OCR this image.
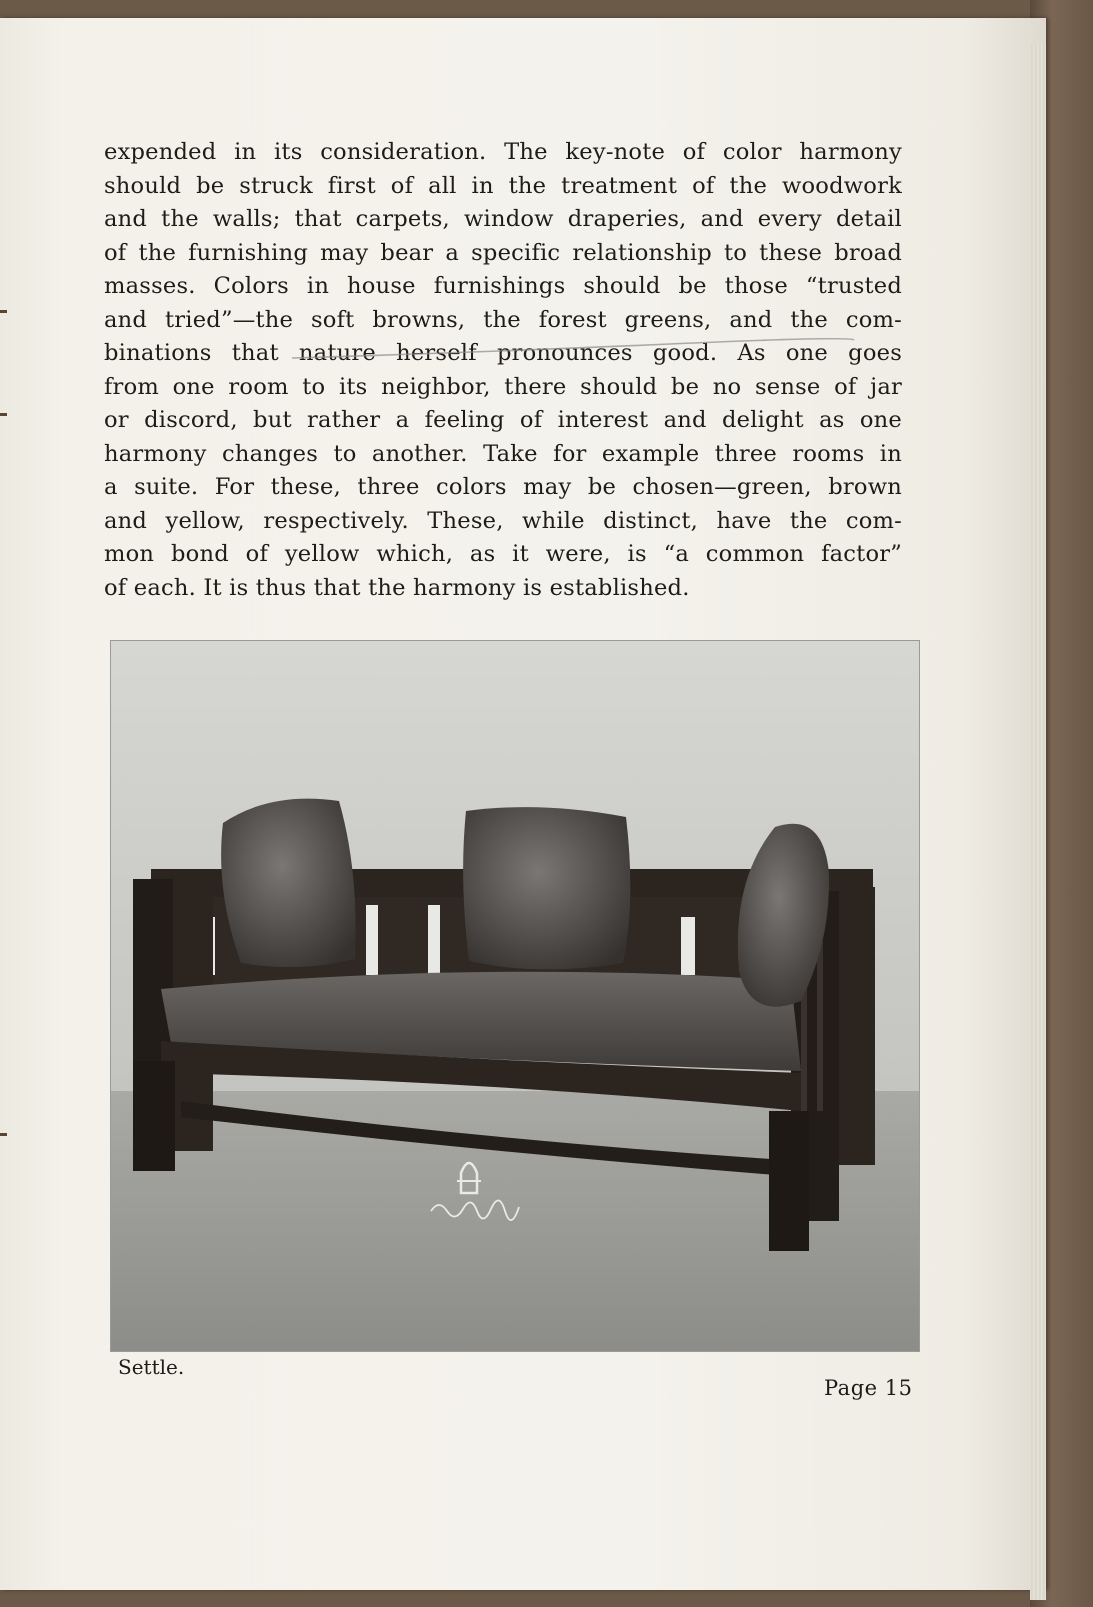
expended in its consideration. The key-note of color harmony
should be struck first of all in the treatment of the woodwork
and the walls; that carpets, window draperies, and every detail
of the furnishing may bear a specific relationship to these broad
masses. Colors in house furnishings should be those “trusted
and tried”—the soft browns, the forest greens, and the com-
binations that nature herself pronounces good. As one goes
from one room to its neighbor, there should be no sense of jar
or discord, but rather a feeling of interest and delight as one
harmony changes to another. Take for example three rooms in
a suite. For these, three colors may be chosen—green, brown
and yellow, respectively. These, while distinct, have the com-
mon bond of yellow which, as it were, is “a common factor”
of each. It is thus that the harmony is established.
Settle.
Page 15
